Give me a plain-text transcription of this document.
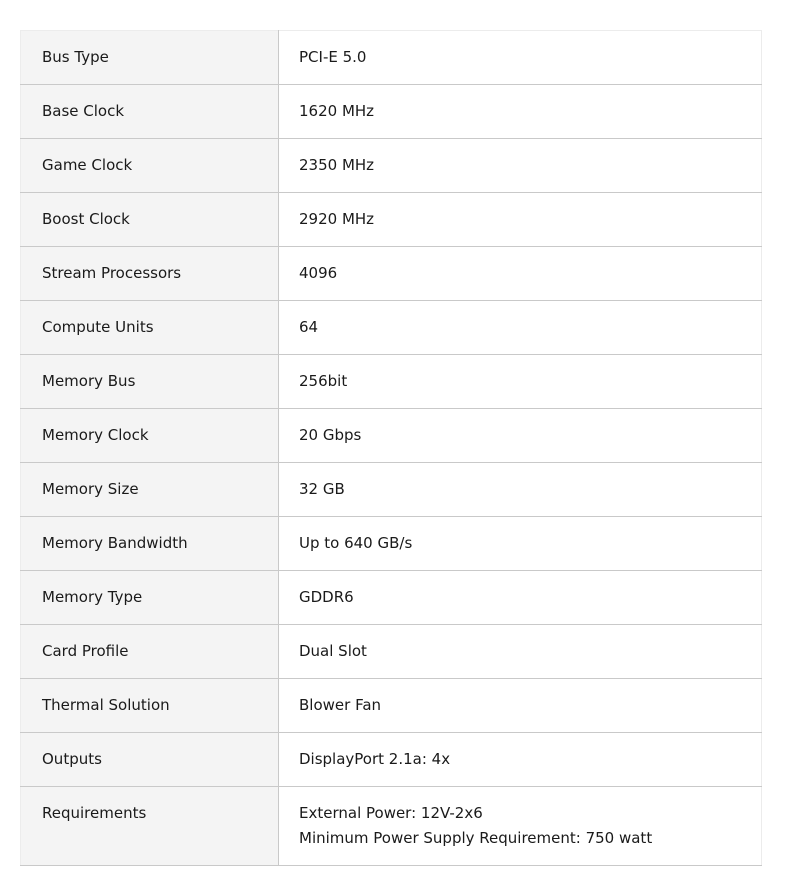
Bus Type	PCI-E 5.0

Base Clock	1620 MHz

Game Clock	2350 MHz

Boost Clock	2920 MHz

Stream Processors	4096

Compute Units	64

Memory Bus	256bit

Memory Clock	20 Gbps

Memory Size	32 GB

Memory Bandwidth	Up to 640 GB/s

Memory Type	GDDR6

Card Profile	Dual Slot

Thermal Solution	Blower Fan

Outputs	DisplayPort 2.1a: 4x

Requirements	External Power: 12V-2x6
Minimum Power Supply Requirement: 750 watt
